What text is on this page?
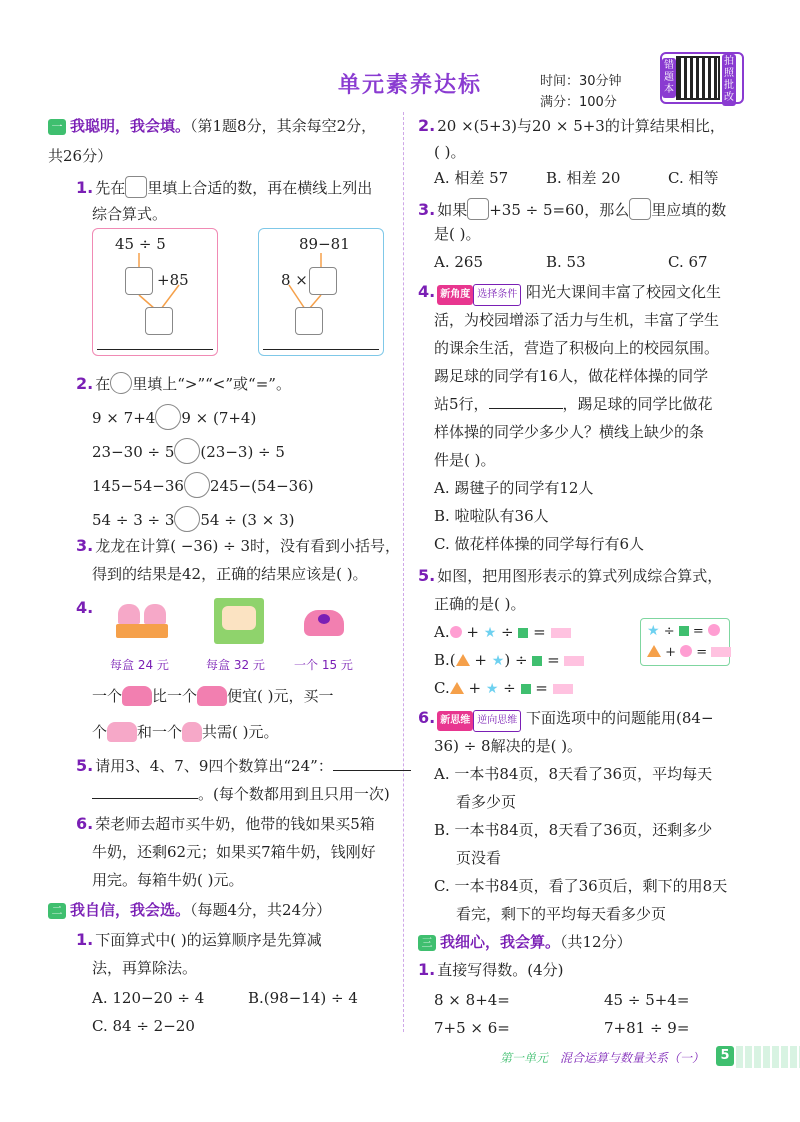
单元素养达标	时间：30分钟
满分：100分
错题本
拍照批改
一 我聪明，我会填。（第1题8分，其余每空2分，
共26分）
1. 先在 里填上合适的数，再在横线上列出
综合算式。
45 ÷ 5
+85
89−81
8 ×
2. 在 里填上“>”“<”或“=”。
9 × 7+4 9 × (7+4)
23−30 ÷ 5 (23−3) ÷ 5
145−54−36 245−(54−36)
54 ÷ 3 ÷ 3 54 ÷ (3 × 3)
3. 龙龙在计算( −36) ÷ 3时，没有看到小括号，
得到的结果是42，正确的结果应该是( )。
4.
每盒 24 元	每盒 32 元 一个 15 元
一个 比一个 便宜( )元，买一
个 和一个 共需( )元。
5. 请用3、4、7、9四个数算出“24”：
。(每个数都用到且只用一次)
6. 荣老师去超市买牛奶，他带的钱如果买5箱
牛奶，还剩62元；如果买7箱牛奶，钱刚好
用完。每箱牛奶( )元。
二 我自信，我会选。（每题4分，共24分）
1. 下面算式中( )的运算顺序是先算减
法，再算除法。
A. 120−20 ÷ 4	B.(98−14) ÷ 4
C. 84 ÷ 2−20
2. 20 ×(5+3)与20 × 5+3的计算结果相比，
( )。
A. 相差 57	B. 相差 20	C. 相等
3. 如果 +35 ÷ 5=60，那么 里应填的数
是( )。
A. 265	B. 53	C. 67
4. 新角度 选择条件 阳光大课间丰富了校园文化生
活，为校园增添了活力与生机，丰富了学生
的课余生活，营造了积极向上的校园氛围。
踢足球的同学有16人，做花样体操的同学
站5行，	，踢足球的同学比做花
样体操的同学少多少人？横线上缺少的条
件是( )。
A. 踢毽子的同学有12人
B. 啦啦队有36人
C. 做花样体操的同学每行有6人
5. 如图，把用图形表示的算式列成综合算式，
正确的是( )。
A. + ★ ÷  =
B.( + ★) ÷  =
C. + ★ ÷  =
★ ÷  =
+  =
6. 新思维 逆向思维 下面选项中的问题能用(84−
36) ÷ 8解决的是( )。
A. 一本书84页，8天看了36页，平均每天
看多少页
B. 一本书84页，8天看了36页，还剩多少
页没看
C. 一本书84页，看了36页后，剩下的用8天
看完，剩下的平均每天看多少页
三 我细心，我会算。（共12分）
1. 直接写得数。(4分)
8 × 8+4=	45 ÷ 5+4=
7+5 × 6=	7+81 ÷ 9=
第一单元 混合运算与数量关系（一）	5
